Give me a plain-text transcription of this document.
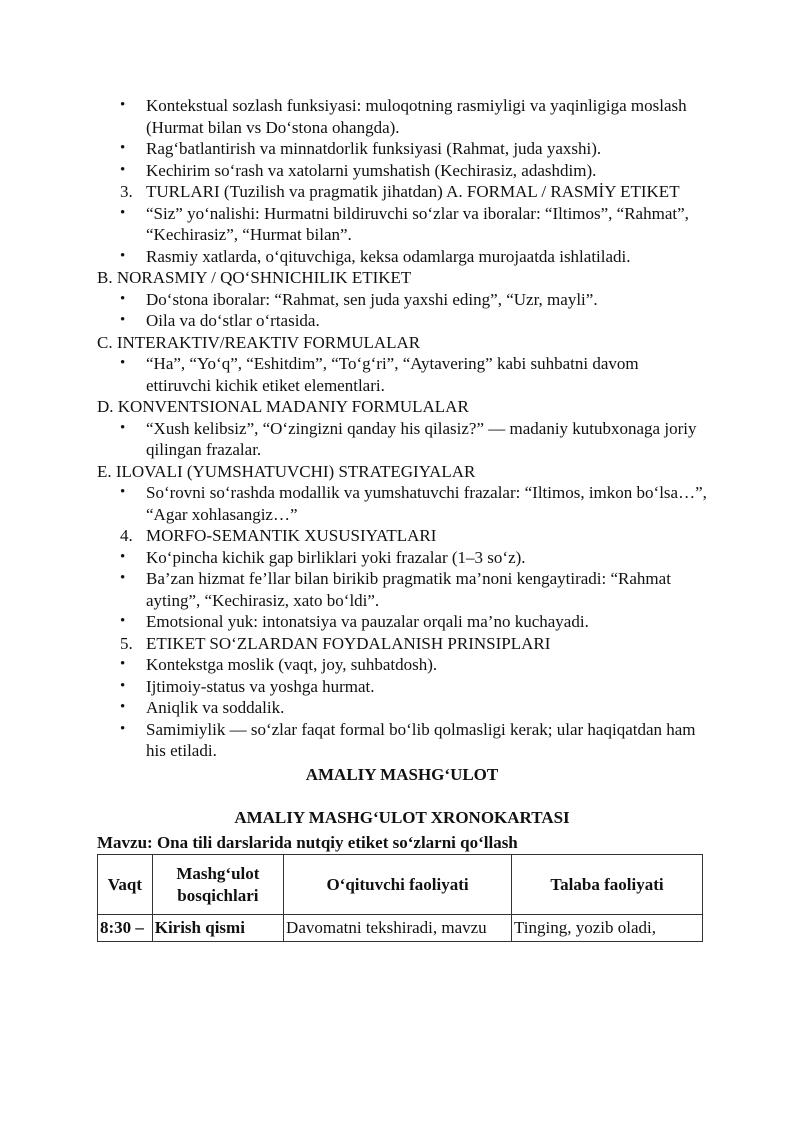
• Kontekstual sozlash funksiyasi: muloqotning rasmiyligi va yaqinligiga moslash (Hurmat bilan vs Do‘stona ohangda).
• Rag‘batlantirish va minnatdorlik funksiyasi (Rahmat, juda yaxshi).
• Kechirim so‘rash va xatolarni yumshatish (Kechirasiz, adashdim).
3. TURLARI (Tuzilish va pragmatik jihatdan) A. FORMAL / RASMİY ETIKET
• “Siz” yo‘nalishi: Hurmatni bildiruvchi so‘zlar va iboralar: “Iltimos”, “Rahmat”, “Kechirasiz”, “Hurmat bilan”.
• Rasmiy xatlarda, o‘qituvchiga, keksa odamlarga murojaatda ishlatiladi.
B. NORASMIY / QO‘SHNICHILIK ETIKET
• Do‘stona iboralar: “Rahmat, sen juda yaxshi eding”, “Uzr, mayli”.
• Oila va do‘stlar o‘rtasida.
C. INTERAKTIV/REAKTIV FORMULALAR
• “Ha”, “Yo‘q”, “Eshitdim”, “To‘g‘ri”, “Aytavering” kabi suhbatni davom ettiruvchi kichik etiket elementlari.
D. KONVENTSIONAL MADANIY FORMULALAR
• “Xush kelibsiz”, “O‘zingizni qanday his qilasiz?” — madaniy kutubxonaga joriy qilingan frazalar.
E. ILOVALI (YUMSHATUVCHI) STRATEGIYALAR
• So‘rovni so‘rashda modallik va yumshatuvchi frazalar: “Iltimos, imkon bo‘lsa…”, “Agar xohlasangiz…”
4. MORFO-SEMANTIK XUSUSIYATLARI
• Ko‘pincha kichik gap birliklari yoki frazalar (1–3 so‘z).
• Ba’zan hizmat fe’llar bilan birikib pragmatik ma’noni kengaytiradi: “Rahmat ayting”, “Kechirasiz, xato bo‘ldi”.
• Emotsional yuk: intonatsiya va pauzalar orqali ma’no kuchayadi.
5. ETIKET SO‘ZLARDAN FOYDALANISH PRINSIPLARI
• Kontekstga moslik (vaqt, joy, suhbatdosh).
• Ijtimoiy-status va yoshga hurmat.
• Aniqlik va soddalik.
• Samimiylik — so‘zlar faqat formal bo‘lib qolmasligi kerak; ular haqiqatdan ham his etiladi.
AMALIY MASHG‘ULOT
AMALIY MASHG‘ULOT XRONOKARTASI
Mavzu: Ona tili darslarida nutqiy etiket so‘zlarni qo‘llash
Vaqt	Mashg‘ulot bosqichlari	O‘qituvchi faoliyati	Talaba faoliyati
8:30 –	Kirish qismi	Davomatni tekshiradi, mavzu	Tinging, yozib oladi,
